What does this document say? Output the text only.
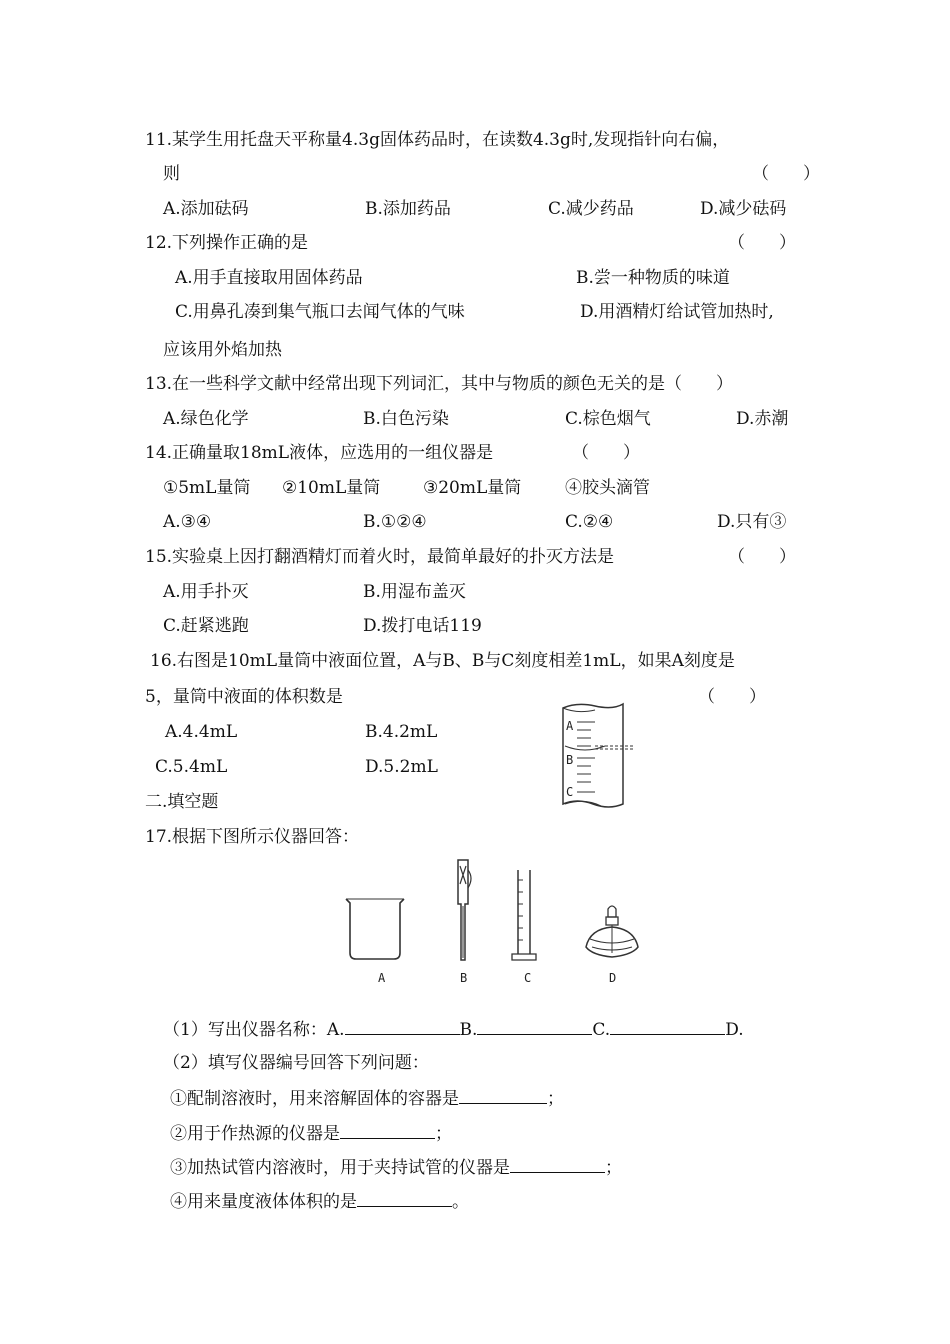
11.某学生用托盘天平称量4.3g固体药品时，在读数4.3g时,发现指针向右偏，
则	（　　）
A.添加砝码	B.添加药品	C.减少药品	D.减少砝码
12.下列操作正确的是	（　　）
A.用手直接取用固体药品	B.尝一种物质的味道
C.用鼻孔凑到集气瓶口去闻气体的气味	D.用酒精灯给试管加热时,
应该用外焰加热
13.在一些科学文献中经常出现下列词汇，其中与物质的颜色无关的是（　　）
A.绿色化学	B.白色污染	C.棕色烟气	D.赤潮
14.正确量取18mL液体，应选用的一组仪器是	（　　）
①5mL量筒 ②10mL量筒	③20mL量筒	④胶头滴管
A.③④	B.①②④	C.②④	D.只有③
15.实验桌上因打翻酒精灯而着火时，最简单最好的扑灭方法是	（　　）
A.用手扑灭	B.用湿布盖灭
C.赶紧逃跑	D.拨打电话119
16.右图是10mL量筒中液面位置，A与B、B与C刻度相差1mL，如果A刻度是
5，量筒中液面的体积数是	（　　）
A.4.4mL	B.4.2mL
C.5.4mL	D.5.2mL
A
B
C
二.填空题
17.根据下图所示仪器回答：
A	B	C	D
（1）写出仪器名称：A.	B.	C.	D.
（2）填写仪器编号回答下列问题：
①配制溶液时，用来溶解固体的容器是	；
②用于作热源的仪器是	；
③加热试管内溶液时，用于夹持试管的仪器是	；
④用来量度液体体积的是	。
